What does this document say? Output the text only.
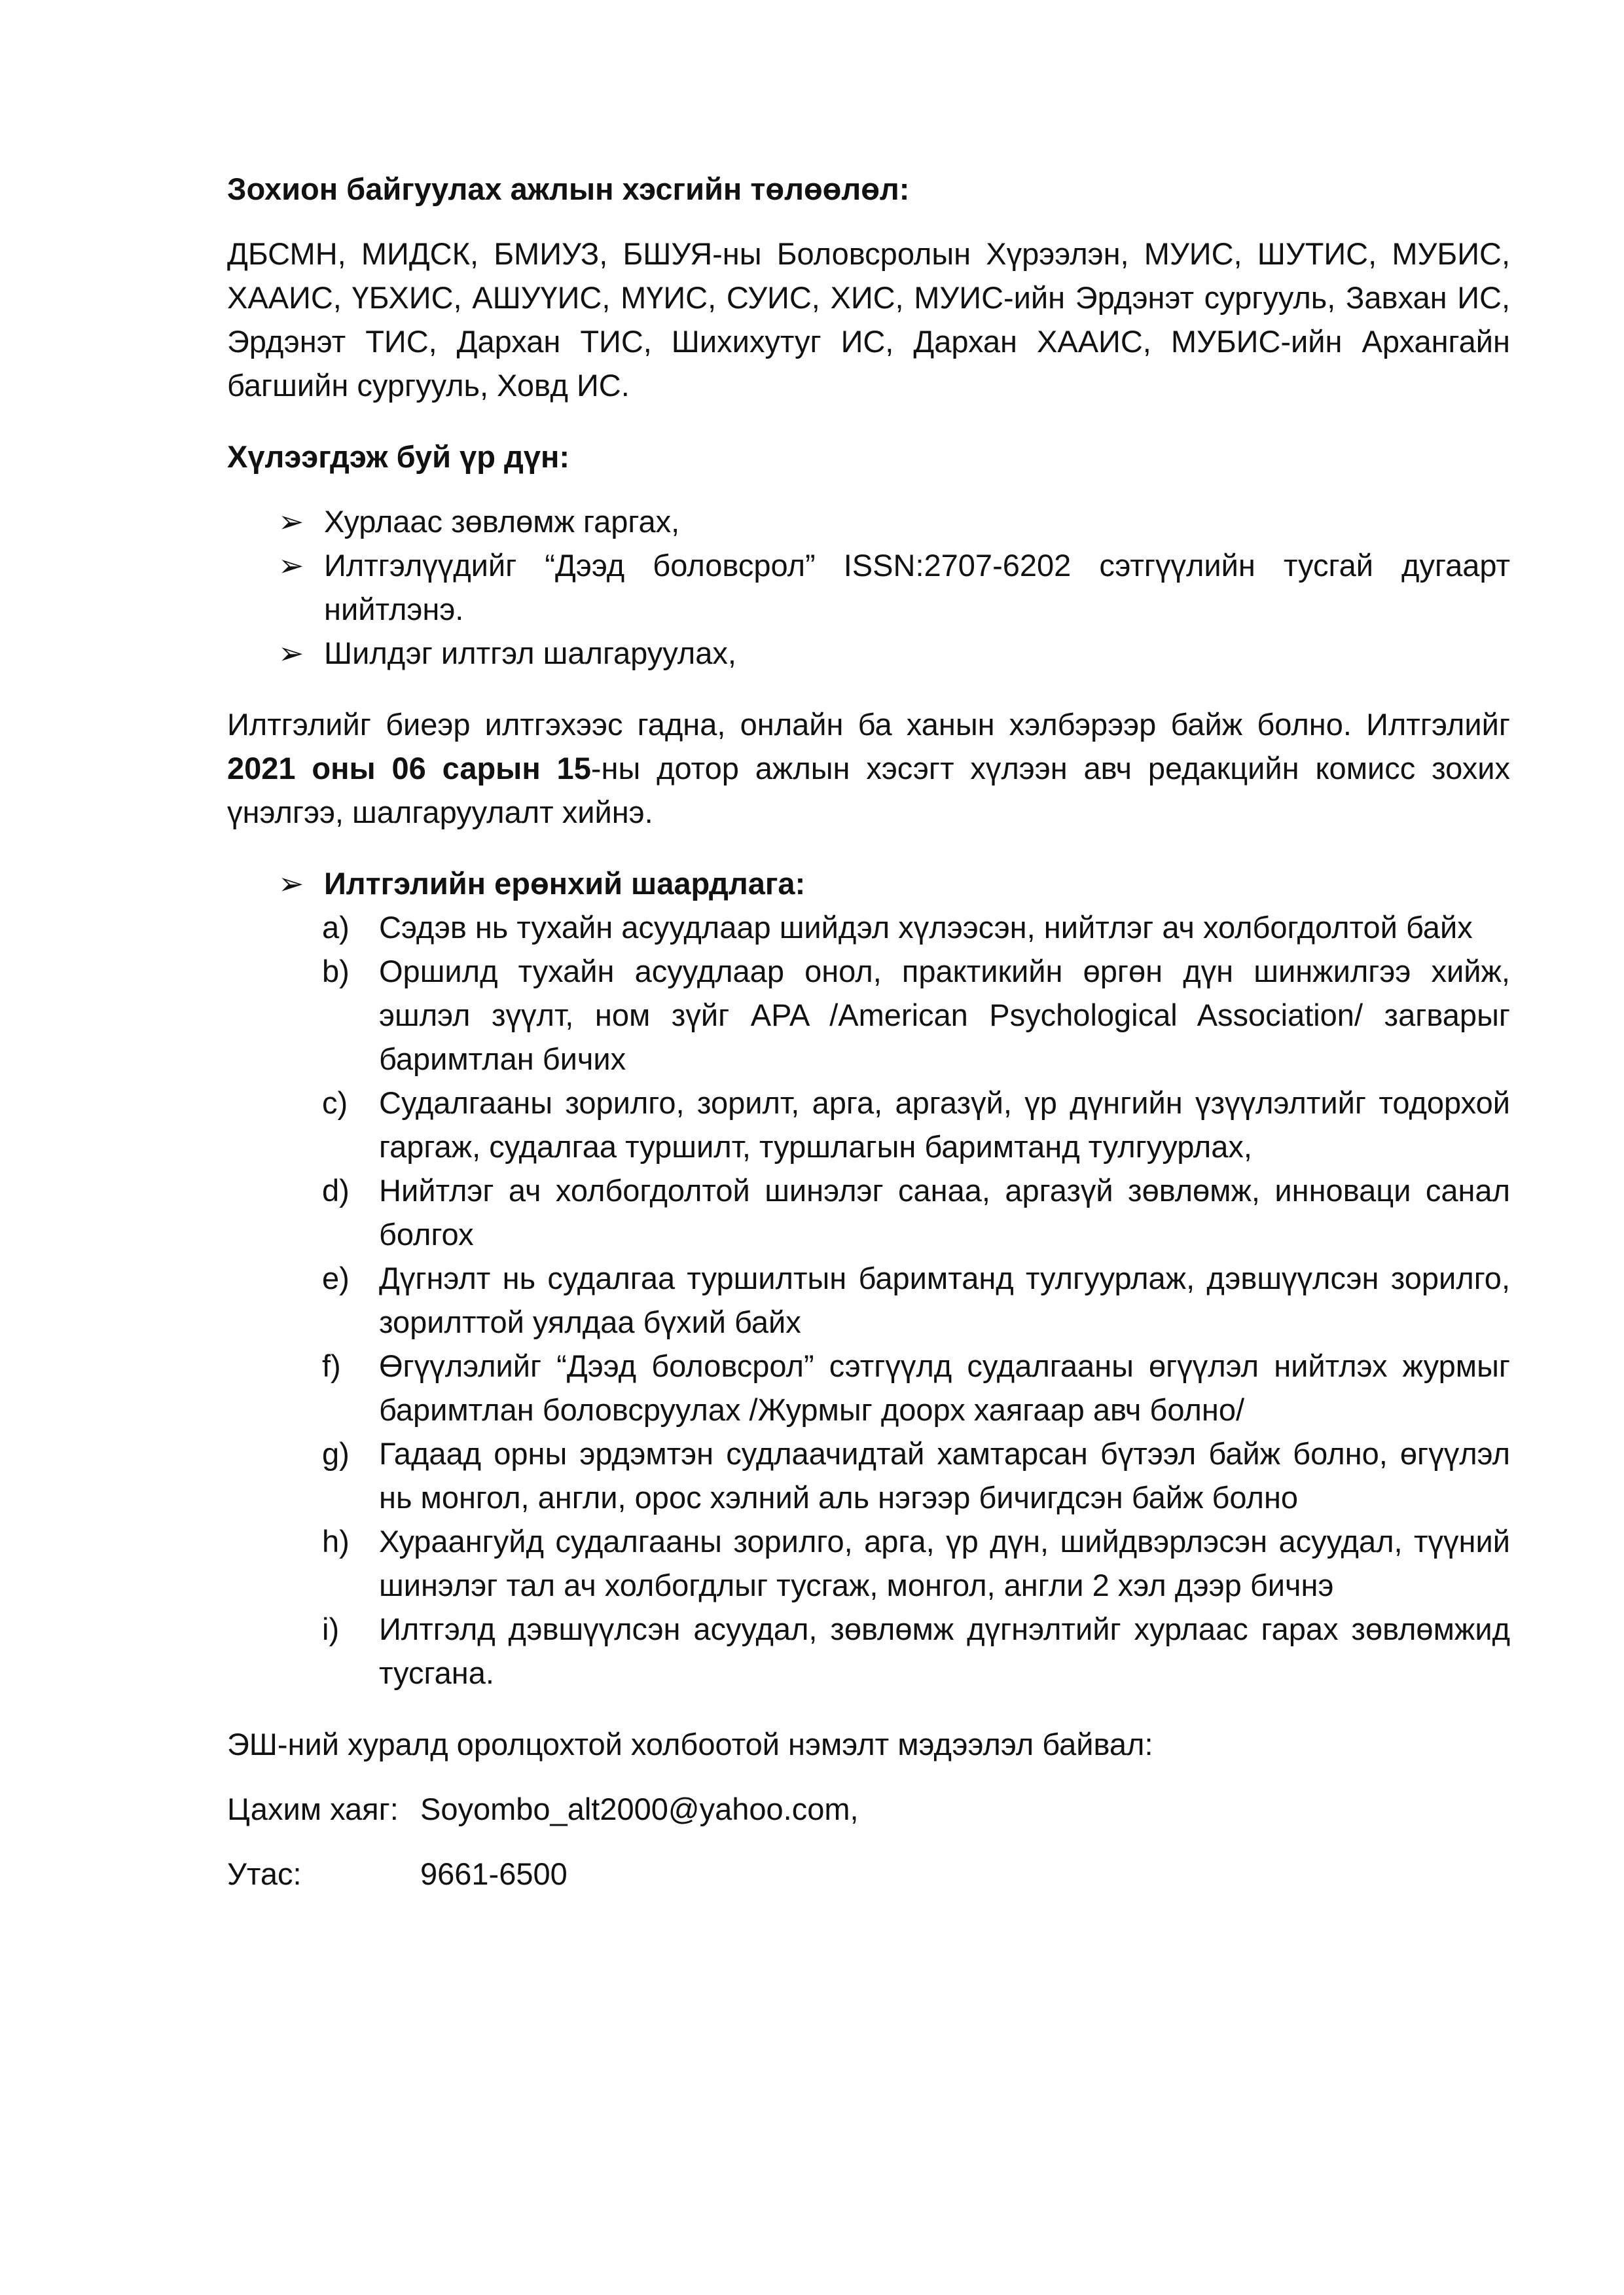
Зохион байгуулах ажлын хэсгийн төлөөлөл:

ДБСМН, МИДСК, БМИУЗ, БШУЯ-ны Боловсролын Хүрээлэн, МУИС, ШУТИС, МУБИС, ХААИС, ҮБХИС, АШУҮИС, МҮИС, СУИС, ХИС, МУИС-ийн Эрдэнэт сургууль, Завхан ИС, Эрдэнэт ТИС, Дархан ТИС, Шихихутуг ИС, Дархан ХААИС, МУБИС-ийн Архангайн багшийн сургууль, Ховд ИС.

Хүлээгдэж буй үр дүн:
➢ Хурлаас зөвлөмж гаргах,
➢ Илтгэлүүдийг “Дээд боловсрол” ISSN:2707-6202 сэтгүүлийн тусгай дугаарт нийтлэнэ.
➢ Шилдэг илтгэл шалгаруулах,

Илтгэлийг биеэр илтгэхээс гадна, онлайн ба ханын хэлбэрээр байж болно. Илтгэлийг 2021 оны 06 сарын 15-ны дотор ажлын хэсэгт хүлээн авч редакцийн комисс зохих үнэлгээ, шалгаруулалт хийнэ.

➢ Илтгэлийн ерөнхий шаардлага:
a) Сэдэв нь тухайн асуудлаар шийдэл хүлээсэн, нийтлэг ач холбогдолтой байх
b) Оршилд тухайн асуудлаар онол, практикийн өргөн дүн шинжилгээ хийж, эшлэл зүүлт, ном зүйг APA /American Psychological Association/ загварыг баримтлан бичих
c)	Судалгааны зорилго, зорилт, арга, аргазүй, үр дүнгийн үзүүлэлтийг тодорхой гаргаж, судалгаа туршилт, туршлагын баримтанд тулгуурлах,
d) Нийтлэг ач холбогдолтой шинэлэг санаа, аргазүй зөвлөмж, инноваци санал болгох
e) Дүгнэлт нь судалгаа туршилтын баримтанд тулгуурлаж, дэвшүүлсэн зорилго, зорилттой уялдаа бүхий байх
f)	Өгүүлэлийг “Дээд боловсрол” сэтгүүлд судалгааны өгүүлэл нийтлэх журмыг баримтлан боловсруулах /Журмыг доорх хаягаар авч болно/
g) Гадаад орны эрдэмтэн судлаачидтай хамтарсан бүтээл байж болно, өгүүлэл нь монгол, англи, орос хэлний аль нэгээр бичигдсэн байж болно
h) Хураангуйд судалгааны зорилго, арга, үр дүн, шийдвэрлэсэн асуудал, түүний шинэлэг тал ач холбогдлыг тусгаж, монгол, англи 2 хэл дээр бичнэ
i)	Илтгэлд дэвшүүлсэн асуудал, зөвлөмж дүгнэлтийг хурлаас гарах зөвлөмжид тусгана.

ЭШ-ний хуралд оролцохтой холбоотой нэмэлт мэдээлэл байвал:

Цахим хаяг: Soyombo_alt2000@yahoo.com,
Утас:	9661-6500
